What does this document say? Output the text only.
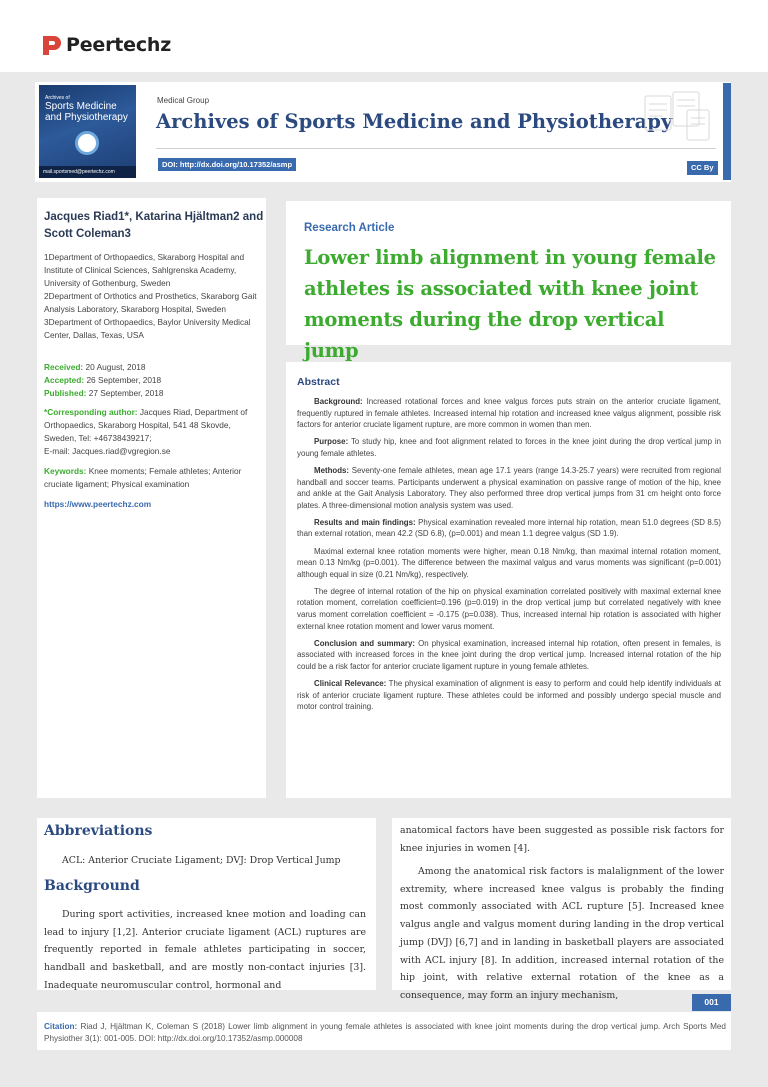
Peertechz
Archives of
Sports Medicine
and Physiotherapy
mail.sportsmed@peertechz.com
Medical Group
Archives of Sports Medicine and Physiotherapy
DOI: http://dx.doi.org/10.17352/asmp	CC By
Jacques Riad1*, Katarina Hjältman2 and Scott Coleman3
1Department of Orthopaedics, Skaraborg Hospital and Institute of Clinical Sciences, Sahlgrenska Academy, University of Gothenburg, Sweden
2Department of Orthotics and Prosthetics, Skaraborg Gait Analysis Laboratory, Skaraborg Hospital, Sweden
3Department of Orthopaedics, Baylor University Medical Center, Dallas, Texas, USA
Received: 20 August, 2018
Accepted: 26 September, 2018
Published: 27 September, 2018
*Corresponding author: Jacques Riad, Department of Orthopaedics, Skaraborg Hospital, 541 48 Skovde, Sweden, Tel: +46738439217;
E-mail: Jacques.riad@vgregion.se
Keywords: Knee moments; Female athletes; Anterior cruciate ligament; Physical examination
https://www.peertechz.com
Research Article
Lower limb alignment in young female athletes is associated with knee joint moments during the drop vertical jump
Abstract

Background: Increased rotational forces and knee valgus forces puts strain on the anterior cruciate ligament, frequently ruptured in female athletes. Increased internal hip rotation and increased knee valgus alignment, possible risk factors for anterior cruciate ligament rupture, are more common in women than men.

Purpose: To study hip, knee and foot alignment related to forces in the knee joint during the drop vertical jump in young female athletes.

Methods: Seventy-one female athletes, mean age 17.1 years (range 14.3-25.7 years) were recruited from regional handball and soccer teams. Participants underwent a physical examination on passive range of motion of the hip, knee and ankle at the Gait Analysis Laboratory. They also performed three drop vertical jumps from 31 cm height onto force plates. A three-dimensional motion analysis system was used.

Results and main findings: Physical examination revealed more internal hip rotation, mean 51.0 degrees (SD 8.5) than external rotation, mean 42.2 (SD 6.8), (p=0.001) and mean 1.1 degree valgus (SD 1.9).

Maximal external knee rotation moments were higher, mean 0.18 Nm/kg, than maximal internal rotation moment, mean 0.13 Nm/kg (p=0.001). The difference between the maximal valgus and varus moments was significant (p=0.001) although equal in size (0.21 Nm/kg), respectively.

The degree of internal rotation of the hip on physical examination correlated positively with maximal external knee rotation moment, correlation coefficient=0.196 (p=0.019) in the drop vertical jump but correlated negatively with knee varus moment correlation coefficient = -0.175 (p=0.038). Thus, increased internal hip rotation is associated with higher external knee rotation moment and lower varus moment.

Conclusion and summary: On physical examination, increased internal hip rotation, often present in females, is associated with increased forces in the knee joint during the drop vertical jump. Increased internal rotation of the hip could be a risk factor for anterior cruciate ligament rupture in young female athletes.

Clinical Relevance: The physical examination of alignment is easy to perform and could help identify individuals at risk of anterior cruciate ligament rupture. These athletes could be informed and possibly undergo special muscle and motor control training.

Abbreviations
ACL: Anterior Cruciate Ligament; DVJ: Drop Vertical Jump
Background
During sport activities, increased knee motion and loading can lead to injury [1,2]. Anterior cruciate ligament (ACL) ruptures are frequently reported in female athletes participating in soccer, handball and basketball, and are mostly non-contact injuries [3]. Inadequate neuromuscular control, hormonal and
anatomical factors have been suggested as possible risk factors for knee injuries in women [4].
Among the anatomical risk factors is malalignment of the lower extremity, where increased knee valgus is probably the finding most commonly associated with ACL rupture [5]. Increased knee valgus angle and valgus moment during landing in the drop vertical jump (DVJ) [6,7] and in landing in basketball players are associated with ACL injury [8]. In addition, increased internal rotation of the hip joint, with relative external rotation of the knee as a consequence, may form an injury mechanism,
001
Citation: Riad J, Hjältman K, Coleman S (2018) Lower limb alignment in young female athletes is associated with knee joint moments during the drop vertical jump. Arch Sports Med Physiother 3(1): 001-005. DOI: http://dx.doi.org/10.17352/asmp.000008
